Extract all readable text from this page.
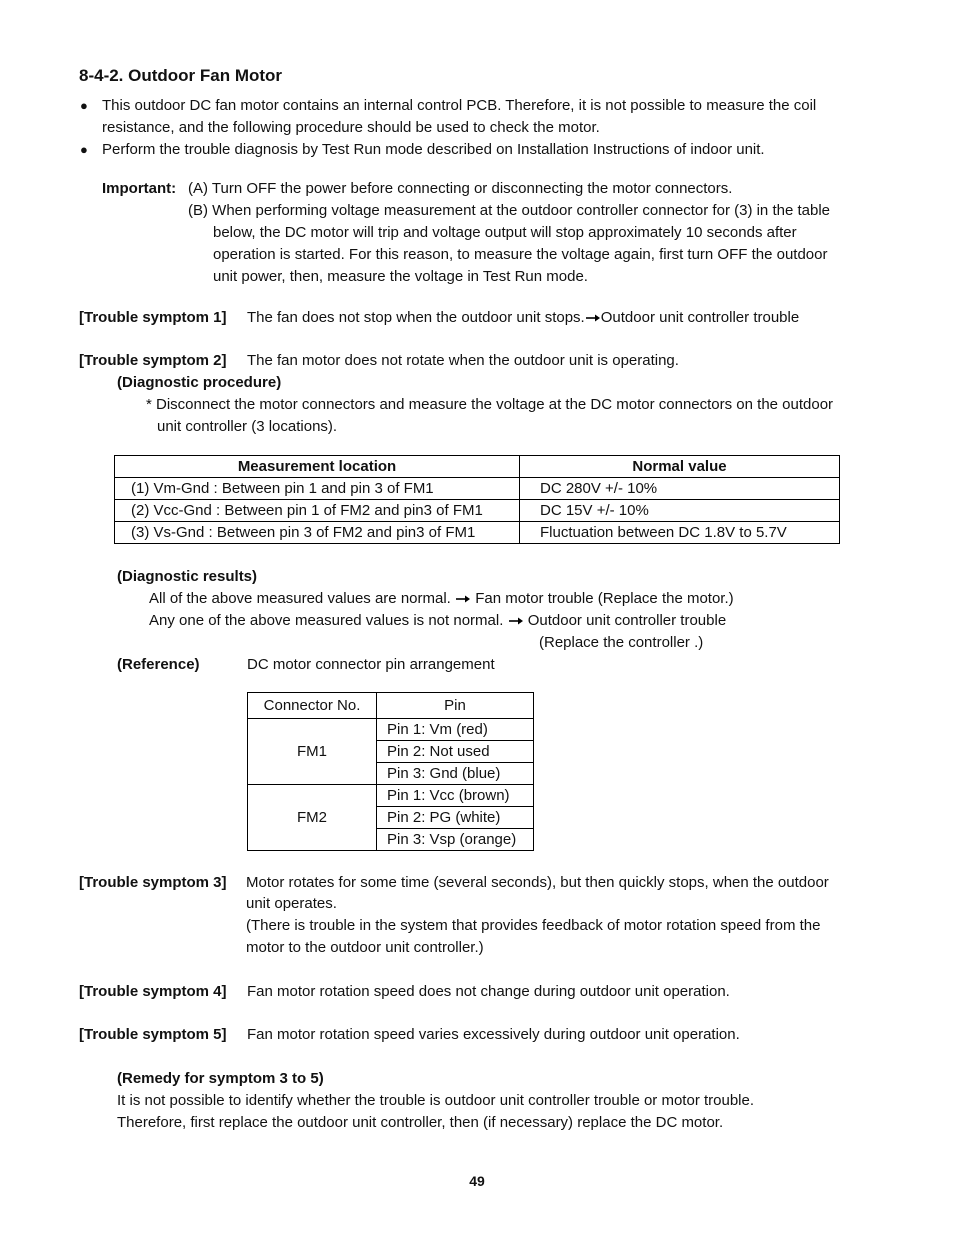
8-4-2. Outdoor Fan Motor
● This outdoor DC fan motor contains an internal control PCB. Therefore, it is not possible to measure the coil
resistance, and the following procedure should be used to check the motor.
● Perform the trouble diagnosis by Test Run mode described on Installation Instructions of indoor unit.
Important: (A) Turn OFF the power before connecting or disconnecting the motor connectors.
(B) When performing voltage measurement at the outdoor controller connector for (3) in the table
below, the DC motor will trip and voltage output will stop approximately 10 seconds after
operation is started. For this reason, to measure the voltage again, first turn OFF the outdoor
unit power, then, measure the voltage in Test Run mode.
[Trouble symptom 1] The fan does not stop when the outdoor unit stops. Outdoor unit controller trouble
[Trouble symptom 2] The fan motor does not rotate when the outdoor unit is operating.
(Diagnostic procedure)
* Disconnect the motor connectors and measure the voltage at the DC motor connectors on the outdoor
unit controller (3 locations).
Measurement location	Normal value
(1) Vm-Gnd : Between pin 1 and pin 3 of FM1	DC 280V +/- 10%
(2) Vcc-Gnd : Between pin 1 of FM2 and pin3 of FM1	DC 15V +/- 10%
(3) Vs-Gnd : Between pin 3 of FM2 and pin3 of FM1	Fluctuation between DC 1.8V to 5.7V
(Diagnostic results)
All of the above measured values are normal. Fan motor trouble (Replace the motor.)
Any one of the above measured values is not normal. Outdoor unit controller trouble
(Replace the controller .)
(Reference)	DC motor connector pin arrangement
Connector No.	Pin
FM1	Pin 1: Vm (red)
	Pin 2: Not used
	Pin 3: Gnd (blue)
FM2	Pin 1: Vcc (brown)
	Pin 2: PG (white)
	Pin 3: Vsp (orange)
[Trouble symptom 3] Motor rotates for some time (several seconds), but then quickly stops, when the outdoor
unit operates.
(There is trouble in the system that provides feedback of motor rotation speed from the
motor to the outdoor unit controller.)
[Trouble symptom 4] Fan motor rotation speed does not change during outdoor unit operation.
[Trouble symptom 5] Fan motor rotation speed varies excessively during outdoor unit operation.
(Remedy for symptom 3 to 5)
It is not possible to identify whether the trouble is outdoor unit controller trouble or motor trouble.
Therefore, first replace the outdoor unit controller, then (if necessary) replace the DC motor.
49
